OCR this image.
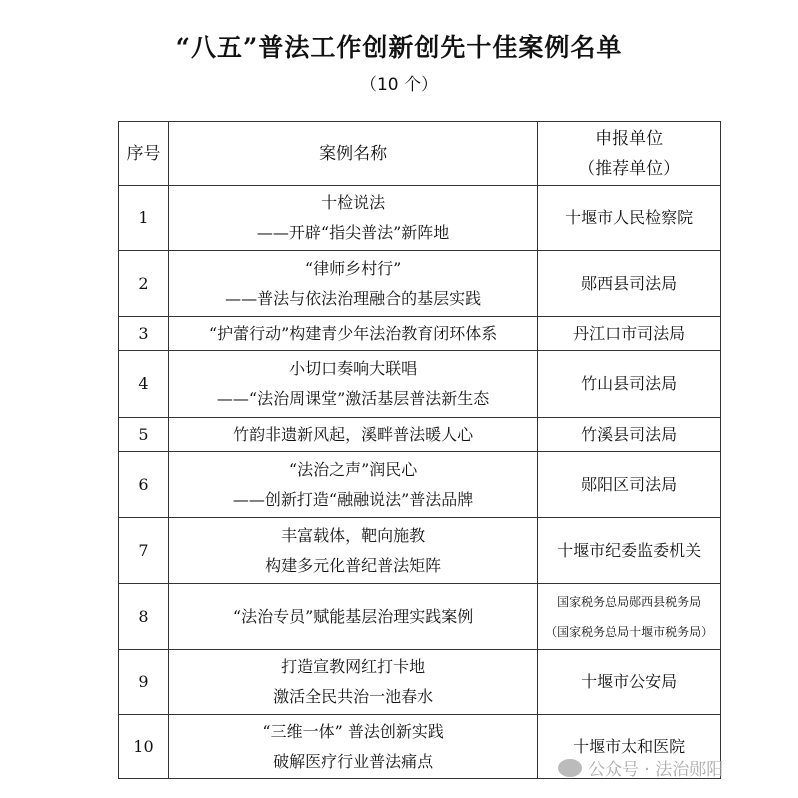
“八五”普法工作创新创先十佳案例名单
（10 个）
序号	案例名称	申报单位
（推荐单位）

1	十检说法
——开辟“指尖普法”新阵地	十堰市人民检察院

2	“律师乡村行”
——普法与依法治理融合的基层实践	郧西县司法局

3	“护蕾行动”构建青少年法治教育闭环体系	丹江口市司法局

4	小切口奏响大联唱
——“法治周课堂”激活基层普法新生态	竹山县司法局

5	竹韵非遗新风起，溪畔普法暖人心	竹溪县司法局

6	“法治之声”润民心
——创新打造“融融说法”普法品牌	郧阳区司法局

7	丰富载体，靶向施教
构建多元化普纪普法矩阵	十堰市纪委监委机关

8	“法治专员”赋能基层治理实践案例	国家税务总局郧西县税务局
（国家税务总局十堰市税务局）

9	打造宣教网红打卡地
激活全民共治一池春水	十堰市公安局

10	“三维一体” 普法创新实践
破解医疗行业普法痛点	十堰市太和医院
公众号 · 法治郧阳
